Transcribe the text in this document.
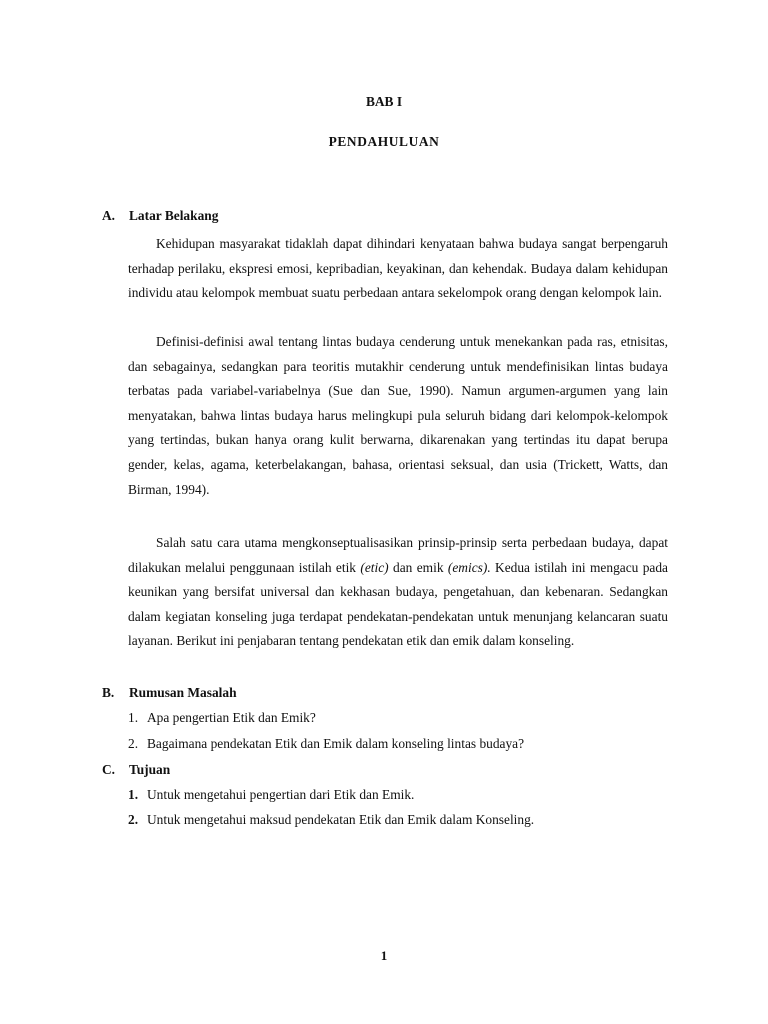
BAB I
PENDAHULUAN
A. Latar Belakang

Kehidupan masyarakat tidaklah dapat dihindari kenyataan bahwa budaya sangat berpengaruh terhadap perilaku, ekspresi emosi, kepribadian, keyakinan, dan kehendak. Budaya dalam kehidupan individu atau kelompok membuat suatu perbedaan antara sekelompok orang dengan kelompok lain.

Definisi-definisi awal tentang lintas budaya cenderung untuk menekankan pada ras, etnisitas, dan sebagainya, sedangkan para teoritis mutakhir cenderung untuk mendefinisikan lintas budaya terbatas pada variabel-variabelnya (Sue dan Sue, 1990). Namun argumen-argumen yang lain menyatakan, bahwa lintas budaya harus melingkupi pula seluruh bidang dari kelompok-kelompok yang tertindas, bukan hanya orang kulit berwarna, dikarenakan yang tertindas itu dapat berupa gender, kelas, agama, keterbelakangan, bahasa, orientasi seksual, dan usia (Trickett, Watts, dan Birman, 1994).

Salah satu cara utama mengkonseptualisasikan prinsip-prinsip serta perbedaan budaya, dapat dilakukan melalui penggunaan istilah etik (etic) dan emik (emics). Kedua istilah ini mengacu pada keunikan yang bersifat universal dan kekhasan budaya, pengetahuan, dan kebenaran. Sedangkan dalam kegiatan konseling juga terdapat pendekatan-pendekatan untuk menunjang kelancaran suatu layanan. Berikut ini penjabaran tentang pendekatan etik dan emik dalam konseling.

B. Rumusan Masalah
1. Apa pengertian Etik dan Emik?
2. Bagaimana pendekatan Etik dan Emik dalam konseling lintas budaya?
C. Tujuan
1. Untuk mengetahui pengertian dari Etik dan Emik.
2. Untuk mengetahui maksud pendekatan Etik dan Emik dalam Konseling.
1
